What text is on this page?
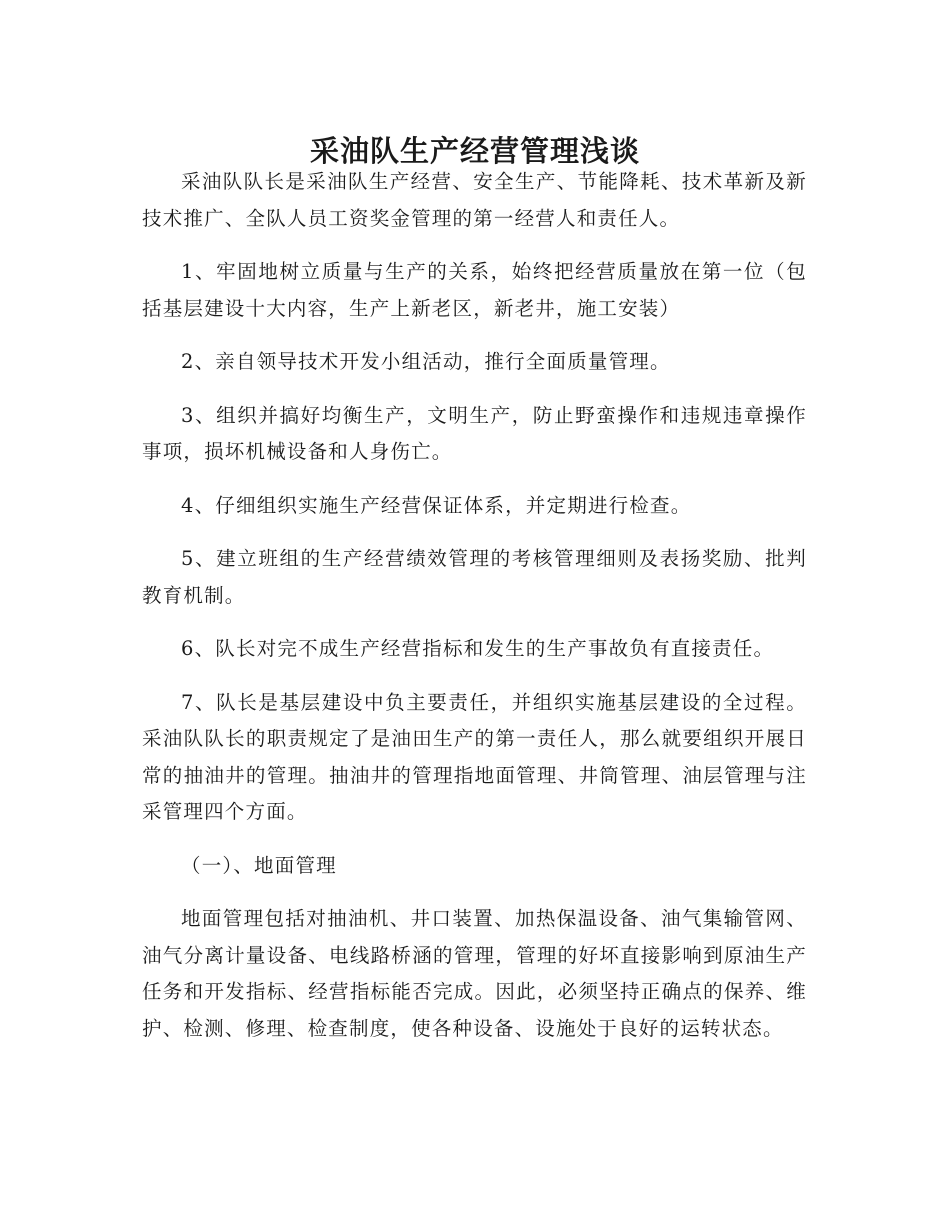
采油队生产经营管理浅谈

采油队队长是采油队生产经营、安全生产、节能降耗、技术革新及新技术推广、全队人员工资奖金管理的第一经营人和责任人。

1、牢固地树立质量与生产的关系，始终把经营质量放在第一位（包括基层建设十大内容，生产上新老区，新老井，施工安装）

2、亲自领导技术开发小组活动，推行全面质量管理。

3、组织并搞好均衡生产，文明生产，防止野蛮操作和违规违章操作事项，损坏机械设备和人身伤亡。

4、仔细组织实施生产经营保证体系，并定期进行检查。

5、建立班组的生产经营绩效管理的考核管理细则及表扬奖励、批判教育机制。

6、队长对完不成生产经营指标和发生的生产事故负有直接责任。

7、队长是基层建设中负主要责任，并组织实施基层建设的全过程。采油队队长的职责规定了是油田生产的第一责任人，那么就要组织开展日常的抽油井的管理。抽油井的管理指地面管理、井筒管理、油层管理与注采管理四个方面。

（一）、地面管理

地面管理包括对抽油机、井口装置、加热保温设备、油气集输管网、油气分离计量设备、电线路桥涵的管理，管理的好坏直接影响到原油生产任务和开发指标、经营指标能否完成。因此，必须坚持正确点的保养、维护、检测、修理、检查制度，使各种设备、设施处于良好的运转状态。
